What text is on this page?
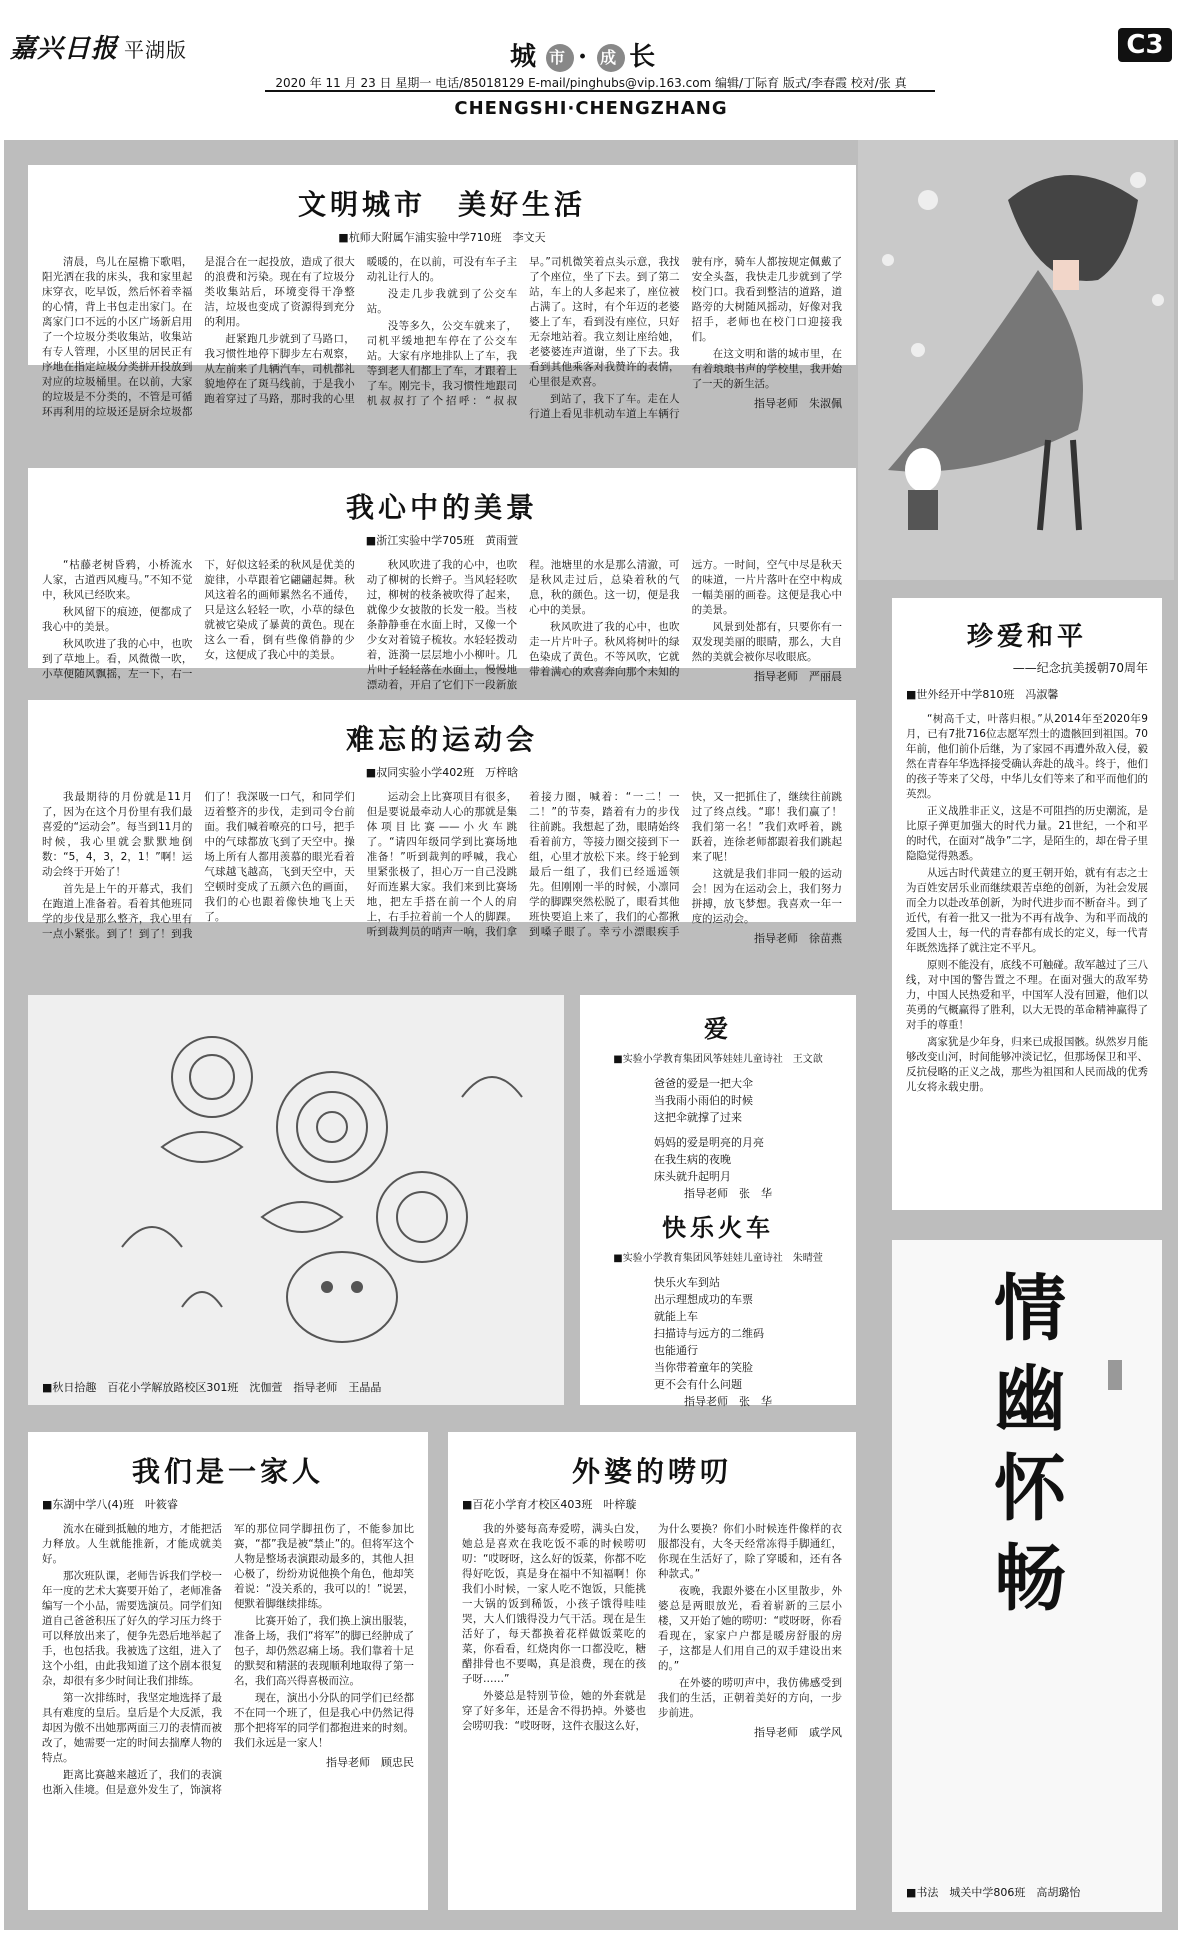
嘉兴日报 平湖版	城 市 · 成 长	C3
2020 年 11 月 23 日 星期一 电话/85018129 E-mail/pinghubs@vip.163.com 编辑/丁际育 版式/李春霞 校对/张 真
CHENGSHI·CHENGZHANG
文明城市　美好生活
■杭师大附属乍浦实验中学710班　李文天

清晨，鸟儿在屋檐下歌唱，阳光洒在我的床头，我和家里起床穿衣，吃早饭，然后怀着幸福的心情，背上书包走出家门。在离家门口不远的小区广场新启用了一个垃圾分类收集站，收集站有专人管理，小区里的居民正有序地在指定垃圾分类拼开投放到对应的垃圾桶里。在以前，大家的垃圾是不分类的，不管是可循环再利用的垃圾还是厨余垃圾都是混合在一起投放，造成了很大的浪费和污染。现在有了垃圾分类收集站后，环境变得干净整洁，垃圾也变成了资源得到充分的利用。

赶紧跑几步就到了马路口，我习惯性地停下脚步左右观察，从左前来了几辆汽车，司机都礼貌地停在了斑马线前，于是我小跑着穿过了马路，那时我的心里暖暖的，在以前，可没有车子主动礼让行人的。

没走几步我就到了公交车站。

没等多久，公交车就来了，司机平缓地把车停在了公交车站。大家有序地排队上了车，我等到老人们都上了车，才跟着上了车。刚完卡，我习惯性地跟司机叔叔打了个招呼：“叔叔早。”司机微笑着点头示意，我找了个座位，坐了下去。到了第二站，车上的人多起来了，座位被占满了。这时，有个年迈的老婆婆上了车，看到没有座位，只好无奈地站着。我立刻让座给她，老婆婆连声道谢，坐了下去。我看到其他乘客对我赞许的表情，心里很是欢喜。

到站了，我下了车。走在人行道上看见非机动车道上车辆行驶有序，骑车人都按规定佩戴了安全头盔，我快走几步就到了学校门口。我看到整洁的道路，道路旁的大树随风摇动，好像对我招手，老师也在校门口迎接我们。

在这文明和谐的城市里，在有着琅琅书声的学校里，我开始了一天的新生活。

指导老师　朱淑佩
我心中的美景
■浙江实验中学705班　黄雨萱

“枯藤老树昏鸦，小桥流水人家，古道西风瘦马。”不知不觉中，秋风已经吹来。

秋风留下的痕迹，便都成了我心中的美景。

秋风吹进了我的心中，也吹到了草地上。看，风微微一吹，小草便随风飘摇，左一下，右一下，好似这轻柔的秋风是优美的旋律，小草跟着它翩翩起舞。秋风这着名的画师累然名不通传，只是这么轻轻一吹，小草的绿色就被它染成了暴黄的黄色。现在这么一看，倒有些像俏静的少女，这便成了我心中的美景。

秋风吹进了我的心中，也吹动了柳树的长辫子。当风轻轻吹过，柳树的枝条被吹得了起来，就像少女披散的长发一般。当枝条静静垂在水面上时，又像一个少女对着镜子梳妆。水轻轻拨动着，涟漪一层层地小小柳叶。几片叶子轻轻落在水面上，慢慢地漂动着，开启了它们下一段新旅程。池塘里的水是那么清澈，可是秋风走过后，总染着秋的气息，秋的颜色。这一切，便是我心中的美景。

秋风吹进了我的心中，也吹走一片片叶子。秋风将树叶的绿色染成了黄色。不等风吹，它就带着满心的欢喜奔向那个未知的远方。一时间，空气中尽是秋天的味道，一片片落叶在空中构成一幅美丽的画卷。这便是我心中的美景。

风景到处都有，只要你有一双发现美丽的眼睛，那么，大自然的美就会被你尽收眼底。

指导老师　严丽晨
难忘的运动会
■叔同实验小学402班　万梓晗

我最期待的月份就是11月了，因为在这个月份里有我们最喜爱的“运动会”。每当到11月的时候，我心里就会默默地倒数：“5，4，3，2，1！”啊！运动会终于开始了！

首先是上午的开幕式，我们在跑道上准备着。看着其他班同学的步伐是那么整齐，我心里有一点小紧张。到了！到了！到我们了！我深吸一口气，和同学们迈着整齐的步伐，走到司令台前面。我们喊着嘹亮的口号，把手中的气球都放飞到了天空中。操场上所有人都用羡慕的眼光看着气球越飞越高，飞到天空中，天空顿时变成了五颜六色的画面，我们的心也跟着像快地飞上天了。

运动会上比赛项目有很多，但是要说最牵动人心的那就是集体项目比赛——小火车跳了。“请四年级同学到比赛场地准备！”听到裁判的呼喊，我心里紧张极了，担心万一自己没跳好而连累大家。我们来到比赛场地，把左手搭在前一个人的肩上，右手拉着前一个人的脚踝。听到裁判员的哨声一响，我们拿着接力圈，喊着：“一二！一二！”的节奏，踏着有力的步伐往前跳。我想起了劲，眼睛始终看着前方，等接力圈交接到下一组，心里才放松下来。终于轮到最后一组了，我们已经遥遥领先。但刚刚一半的时候，小凛同学的脚踝突然松脱了，眼看其他班快要追上来了，我们的心都揪到嗓子眼了。幸亏小漂眼疾手快，又一把抓住了，继续往前跳过了终点线。“耶！我们赢了！我们第一名！”我们欢呼着，跳跃着，连徐老师都跟着我们跳起来了呢！

这就是我们非同一般的运动会！因为在运动会上，我们努力拼搏，放飞梦想。我喜欢一年一度的运动会。

指导老师　徐苗燕
■秋日拾趣　百花小学解放路校区301班　沈伽萱　指导老师　王晶晶
爱
■实验小学教育集团风筝娃娃儿童诗社　王文歆
爸爸的爱是一把大伞
当我雨小雨伯的时候
这把伞就撑了过来
妈妈的爱是明亮的月亮
在我生病的夜晚
床头就升起明月
指导老师　张　华
快乐火车
■实验小学教育集团风筝娃娃儿童诗社　朱晴萱
快乐火车到站
出示理想成功的车票
就能上车
扫描诗与远方的二维码
也能通行
当你带着童年的笑脸
更不会有什么问题
指导老师　张　华
珍爱和平
——纪念抗美援朝70周年
■世外经开中学810班　冯淑馨

“树高千丈，叶落归根。”从2014年至2020年9月，已有7批716位志愿军烈士的遗骸回到祖国。70年前，他们前仆后继，为了家园不再遭外敌入侵，毅然在青春年华选择接受确认奔赴的战斗。终于，他们的孩子等来了父母，中华儿女们等来了和平而他们的英烈。

正义战胜非正义，这是不可阻挡的历史潮流，是比原子弹更加强大的时代力量。21世纪，一个和平的时代，在面对“战争”二字，是陌生的，却在骨子里隐隐觉得熟悉。

从远古时代黄建立的夏王朝开始，就有有志之士为百姓安居乐业而继续艰苦卓绝的创新，为社会发展而全力以赴改革创新，为时代进步而不断奋斗。到了近代，有着一批又一批为不再有战争、为和平而战的爱国人士，每一代的青春都有成长的定义，每一代青年既然选择了就注定不平凡。

原则不能没有，底线不可触碰。敌军越过了三八线，对中国的警告置之不理。在面对强大的敌军势力，中国人民热爱和平，中国军人没有回避，他们以英勇的气概赢得了胜利，以大无畏的革命精神赢得了对手的尊重！

离家犹是少年身，归来已成报国骸。纵然岁月能够改变山河，时间能够冲淡记忆，但那场保卫和平、反抗侵略的正义之战，那些为祖国和人民而战的优秀儿女将永载史册。

情幽怀畅
■书法　城关中学806班　高胡璐怡
我们是一家人
■东湖中学八(4)班　叶筱睿

流水在碰到抵触的地方，才能把活力释放。人生就能推新，才能成就美好。

那次班队课，老师告诉我们学校一年一度的艺术大赛要开始了，老师准备编写一个小品，需要选演员。同学们知道自己爸爸积压了好久的学习压力终于可以释放出来了，便争先恐后地举起了手，也包括我。我被选了这组，进入了这个小组，由此我知道了这个剧本很复杂，却很有多少时间让我们排练。

第一次排练时，我坚定地选择了最具有难度的皇后。皇后是个大反派，我却因为傲不出她那两面三刀的表情而被改了，她需要一定的时间去揣摩人物的特点。

距离比赛越来越近了，我们的表演也渐入佳境。但是意外发生了，饰演将军的那位同学脚扭伤了，不能参加比赛，“都”我是被“禁止”的。但将军这个人物是整场表演跟动最多的，其他人担心极了，纷纷劝说他换个角色，他却笑着说：“没关系的，我可以的！”说罢，便默着脚继续排练。

比赛开始了，我们换上演出服装，准备上场，我们“将军”的脚已经肿成了包子，却仍然忍痛上场。我们靠着十足的默契和精湛的表现顺利地取得了第一名，我们高兴得喜极而泣。

现在，演出小分队的同学们已经都不在同一个班了，但是我心中仍然记得那个把将军的同学们都抱进来的时刻。我们永远是一家人！

指导老师　顾忠民
外婆的唠叨
■百花小学育才校区403班　叶梓璇

我的外婆每高寿爱唠，满头白发，她总是喜欢在我吃饭不乖的时候唠叨叨：“哎呀呀，这么好的饭菜，你都不吃得好吃饭，真是身在福中不知福啊！你我们小时候，一家人吃不饱饭，只能挑一大锅的饭到稀饭，小孩子饿得哇哇哭，大人们饿得没力气干活。现在是生活好了，每天都换着花样做饭菜吃的菜，你看看，红烧肉你一口都没吃，糖醋排骨也不要喝，真是浪费，现在的孩子呀……”

外婆总是特别节俭，她的外套就是穿了好多年，还是舍不得扔掉。外婆也会唠叨我：“哎呀呀，这件衣服这么好，为什么要换？你们小时候连件像样的衣服都没有，大冬天经常冻得手脚通红，你现在生活好了，除了穿暖和，还有各种款式。”

夜晚，我跟外婆在小区里散步，外婆总是两眼放光，看着崭新的三层小楼，又开始了她的唠叨：“哎呀呀，你看看现在，家家户户都是暖房舒服的房子，这都是人们用自己的双手建设出来的。”

在外婆的唠叨声中，我仿佛感受到我们的生活，正朝着美好的方向，一步步前进。

指导老师　戚学风
